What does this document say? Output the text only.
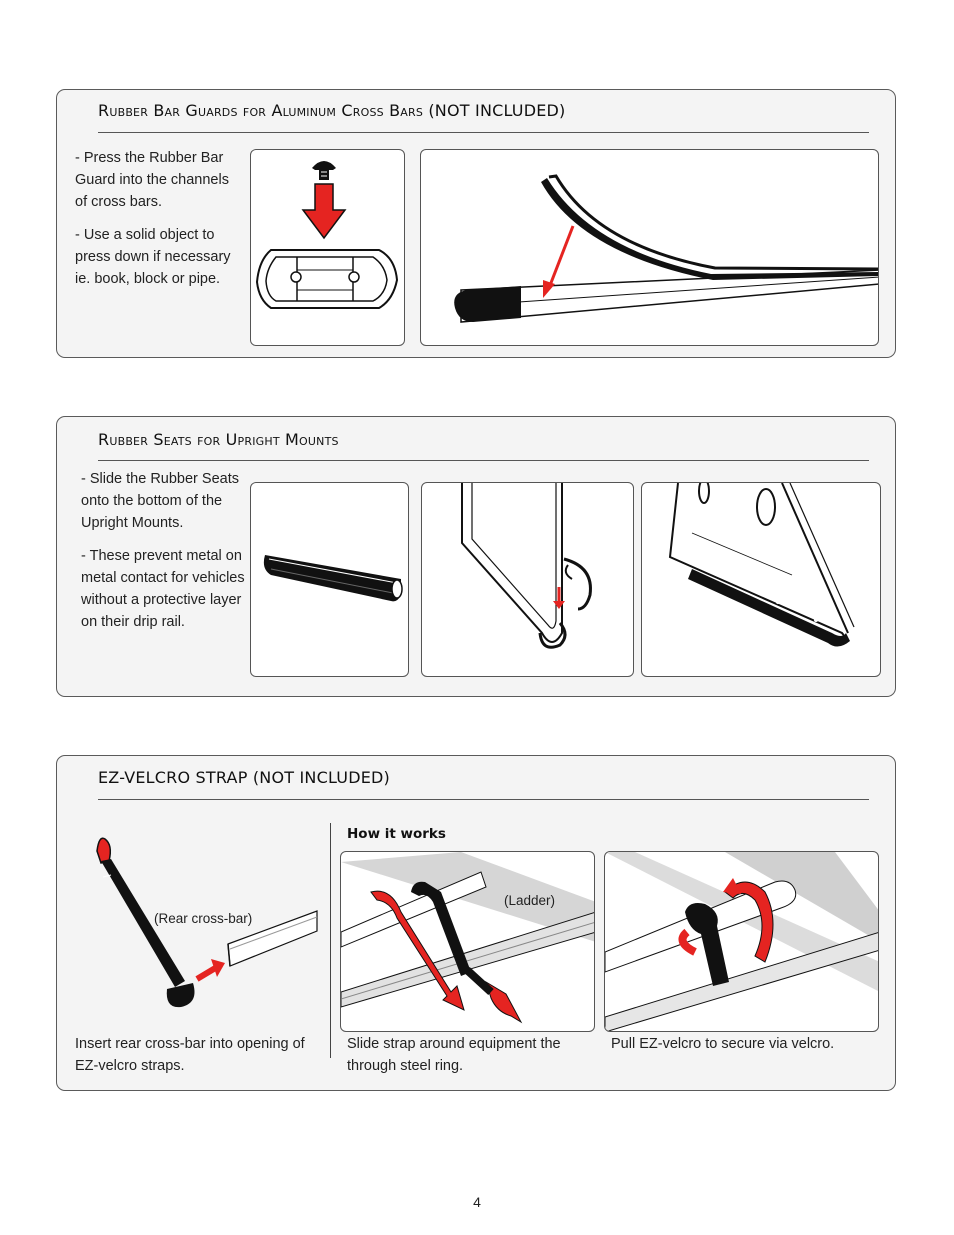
Rubber Bar Guards for Aluminum Cross Bars (NOT INCLUDED)

- Press the Rubber Bar Guard into the channels of cross bars.

- Use a solid object to press down if necessary ie. book, block or pipe.

Rubber Seats for Upright Mounts

- Slide the Rubber Seats onto the bottom of the Upright Mounts.

- These prevent metal on metal contact for vehicles without a protective layer on their drip rail.

EZ-VELCRO STRAP (NOT INCLUDED)
(Rear cross-bar)
Insert rear cross-bar into opening of EZ-velcro straps.
How it works
(Ladder)
Slide strap around equipment the through steel ring.
Pull EZ-velcro to secure via velcro.
4
